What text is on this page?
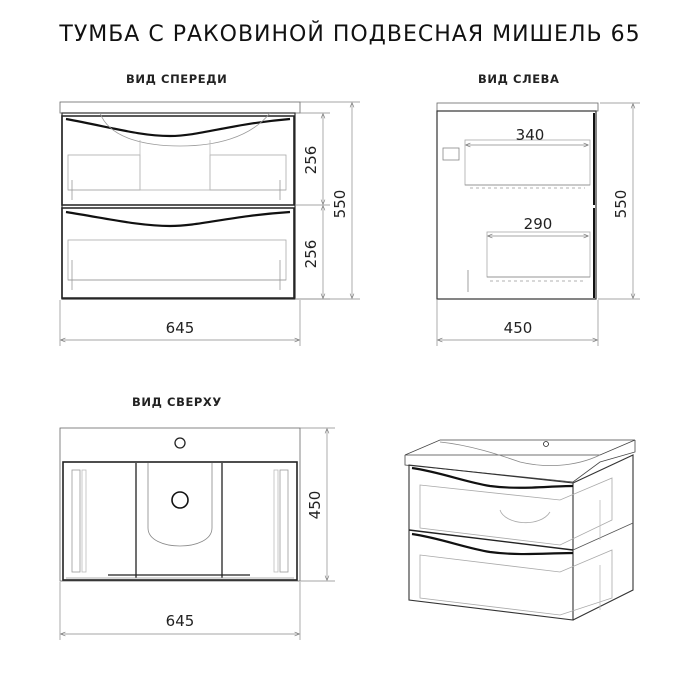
ТУМБА С РАКОВИНОЙ ПОДВЕСНАЯ МИШЕЛЬ 65
ВИД СПЕРЕДИ	ВИД СЛЕВА
ВИД СВЕРХУ
256
256
550
645
340
290
550
450
450
645
